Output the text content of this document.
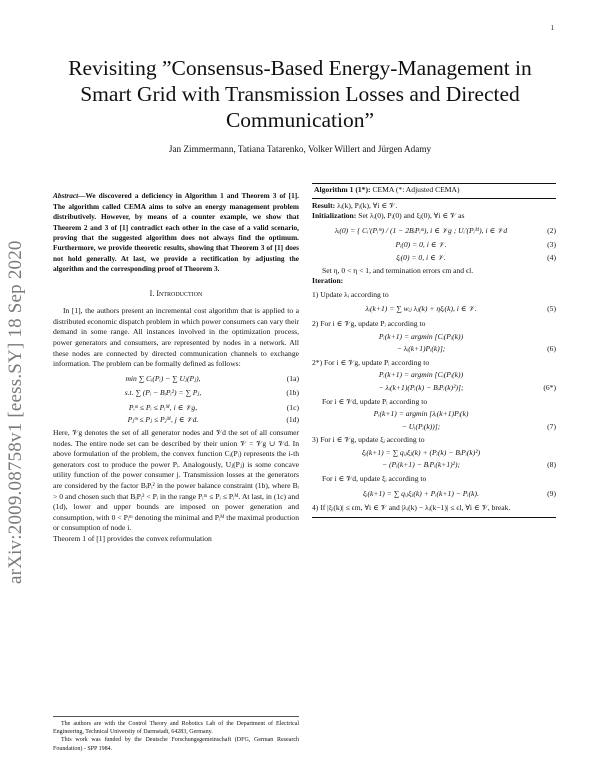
1
arXiv:2009.08758v1 [eess.SY] 18 Sep 2020
Revisiting ”Consensus-Based Energy-Management in Smart Grid with Transmission Losses and Directed Communication”
Jan Zimmermann, Tatiana Tatarenko, Volker Willert and Jürgen Adamy

Abstract—We discovered a deficiency in Algorithm 1 and Theorem 3 of [1]. The algorithm called CEMA aims to solve an energy management problem distributively. However, by means of a counter example, we show that Theorem 2 and 3 of [1] contradict each other in the case of a valid scenario, proving that the suggested algorithm does not always find the optimum. Furthermore, we provide theoretic results, showing that Theorem 3 of [1] does not hold generally. At last, we provide a rectification by adjusting the algorithm and the corresponding proof of Theorem 3.

I. Introduction

In [1], the authors present an incremental cost algorithm that is applied to a distributed economic dispatch problem in which power consumers can vary their demand in some range. All instances involved in the optimization process, power generators and consumers, are represented by nodes in a network. All these nodes are connected by directed communication channels to exchange information. The problem can be formally defined as follows:

min ∑ Cᵢ(Pᵢ) − ∑ Uⱼ(Pⱼ),	(1a)
s.t. ∑ (Pᵢ − BᵢPᵢ²) = ∑ Pⱼ,	(1b)
Pᵢᵐ ≤ Pᵢ ≤ Pᵢᴹ, i ∈ 𝒱g,	(1c)
Pⱼᵐ ≤ Pⱼ ≤ Pⱼᴹ, j ∈ 𝒱d.	(1d)

Here, 𝒱g denotes the set of all generator nodes and 𝒱d the set of all consumer nodes. The entire node set can be described by their union 𝒱 = 𝒱g ∪ 𝒱d. In above formulation of the problem, the convex function Cᵢ(Pᵢ) represents the i-th generators cost to produce the power Pᵢ. Analogously, Uⱼ(Pⱼ) is some concave utility function of the power consumer j. Transmission losses at the generators are considered by the factor BᵢPᵢ² in the power balance constraint (1b), where Bᵢ > 0 and chosen such that BᵢPᵢ² < Pᵢ in the range Pᵢᵐ ≤ Pᵢ ≤ Pᵢᴹ. At last, in (1c) and (1d), lower and upper bounds are imposed on power generation and consumption, with 0 < Pᵢᵐ denoting the minimal and Pᵢᴹ the maximal production or consumption of node i.

Theorem 1 of [1] provides the convex reformulation

The authors are with the Control Theory and Robotics Lab of the Department of Electrical Engineering, Technical University of Darmstadt, 64283, Germany.

This work was funded by the Deutsche Forschungsgemeinschaft (DFG, German Research Foundation) - SPP 1984.

Algorithm 1 (1*): CEMA (*: Adjusted CEMA)

Result: λᵢ(k), Pᵢ(k), ∀i ∈ 𝒱.

Initialization: Set λᵢ(0), Pᵢ(0) and ξᵢ(0), ∀i ∈ 𝒱 as

λᵢ(0) = { Cᵢ′(Pᵢᵐ) / (1 − 2BᵢPᵢᵐ), i ∈ 𝒱g ; Uᵢ′(Pᵢᴹ), i ∈ 𝒱d	(2)
Pᵢ(0) = 0, i ∈ 𝒱.	(3)
ξᵢ(0) = 0, i ∈ 𝒱.	(4)

Set η, 0 < η < 1, and termination errors ϵm and ϵl.

Iteration:

1) Update λᵢ according to

λᵢ(k+1) = ∑ wᵢⱼ λⱼ(k) + ηξᵢ(k), i ∈ 𝒱.	(5)

2) For i ∈ 𝒱g, update Pᵢ according to

Pᵢ(k+1) = argmin [Cᵢ(Pᵢ(k))
− λᵢ(k+1)Pᵢ(k)];	(6)

2*) For i ∈ 𝒱g, update Pᵢ according to

Pᵢ(k+1) = argmin [Cᵢ(Pᵢ(k))
− λᵢ(k+1)(Pᵢ(k) − BᵢPᵢ(k)²)];	(6*)

For i ∈ 𝒱d, update Pᵢ according to

Pᵢ(k+1) = argmin [λᵢ(k+1)Pᵢ(k)
− Uᵢ(Pᵢ(k))];	(7)

3) For i ∈ 𝒱g, update ξᵢ according to

ξᵢ(k+1) = ∑ qᵢⱼξⱼ(k) + (Pᵢ(k) − BᵢPᵢ(k)²)
− (Pᵢ(k+1) − BᵢPᵢ(k+1)²);	(8)

For i ∈ 𝒱d, update ξᵢ according to

ξᵢ(k+1) = ∑ qᵢⱼξⱼ(k) + Pᵢ(k+1) − Pᵢ(k).	(9)

4) If |ξᵢ(k)| ≤ ϵm, ∀i ∈ 𝒱 and |λᵢ(k) − λᵢ(k−1)| ≤ ϵl, ∀i ∈ 𝒱, break.
